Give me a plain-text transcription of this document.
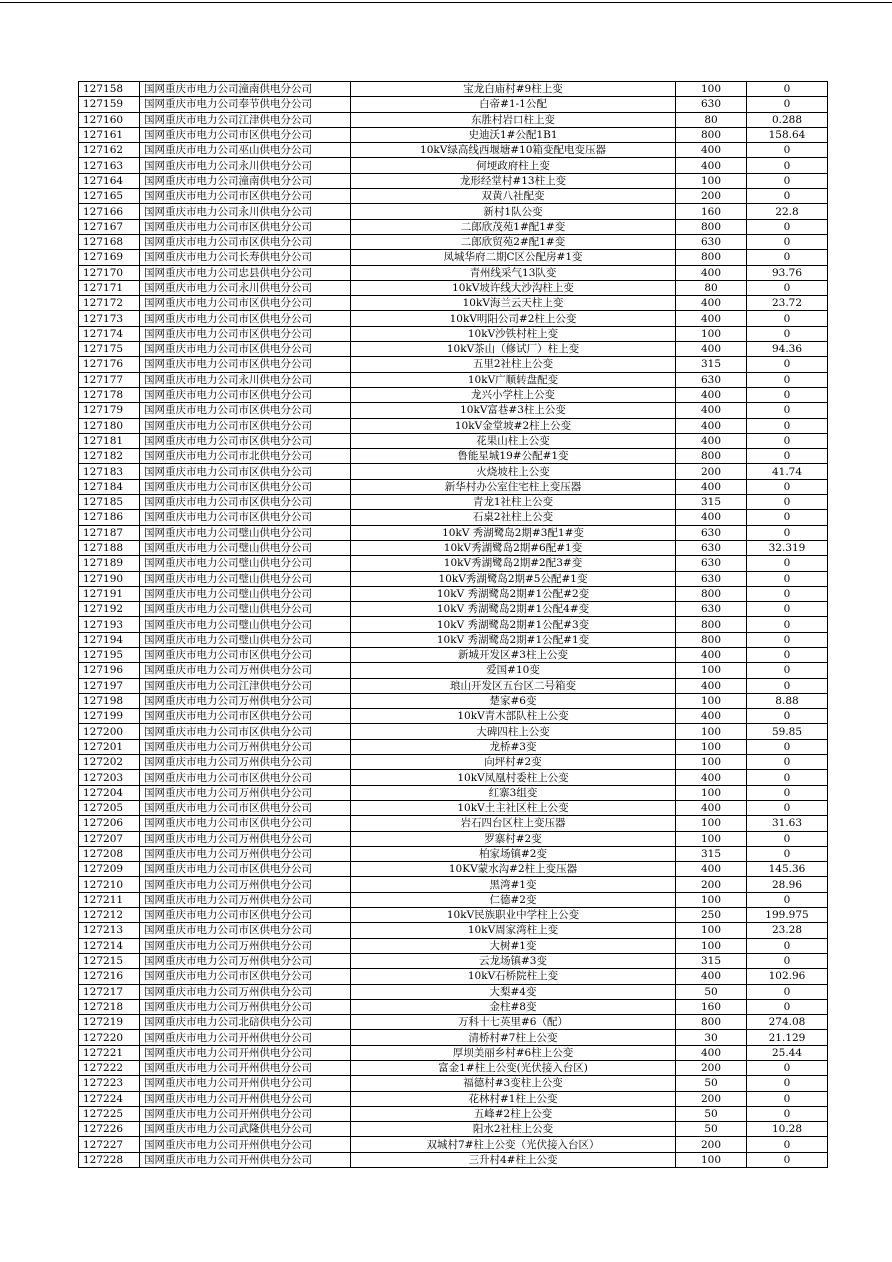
127158	国网重庆市电力公司潼南供电分公司	宝龙白庙村#9柱上变	100	0
127159	国网重庆市电力公司奉节供电分公司	白帝#1-1公配	630	0
127160	国网重庆市电力公司江津供电分公司	东胜村岩口柱上变	80	0.288
127161	国网重庆市电力公司市区供电分公司	史迪沃1#公配1B1	800	158.64
127162	国网重庆市电力公司巫山供电分公司	10kV绿高线西堰塘#10箱变配电变压器	400	0
127163	国网重庆市电力公司永川供电分公司	何埂政府柱上变	400	0
127164	国网重庆市电力公司潼南供电分公司	龙形经堂村#13柱上变	100	0
127165	国网重庆市电力公司市区供电分公司	双黄八社配变	200	0
127166	国网重庆市电力公司永川供电分公司	新村1队公变	160	22.8
127167	国网重庆市电力公司市区供电分公司	二郎欣茂苑1#配1#变	800	0
127168	国网重庆市电力公司市区供电分公司	二郎欣贸苑2#配1#变	630	0
127169	国网重庆市电力公司长寿供电分公司	凤城华府二期C区公配房#1变	800	0
127170	国网重庆市电力公司忠县供电分公司	青州线采气13队变	400	93.76
127171	国网重庆市电力公司永川供电分公司	10kV坡许线大沙沟柱上变	80	0
127172	国网重庆市电力公司市区供电分公司	10kV海兰云天柱上变	400	23.72
127173	国网重庆市电力公司市区供电分公司	10kV明阳公司#2柱上公变	400	0
127174	国网重庆市电力公司市区供电分公司	10kV沙铁村柱上变	100	0
127175	国网重庆市电力公司市区供电分公司	10kV茶山（修试厂）柱上变	400	94.36
127176	国网重庆市电力公司市区供电分公司	五里2社柱上公变	315	0
127177	国网重庆市电力公司永川供电分公司	10kV广顺转盘配变	630	0
127178	国网重庆市电力公司市区供电分公司	龙兴小学柱上公变	400	0
127179	国网重庆市电力公司市区供电分公司	10kV富巷#3柱上公变	400	0
127180	国网重庆市电力公司市区供电分公司	10kV金堂坡#2柱上公变	400	0
127181	国网重庆市电力公司市区供电分公司	花果山柱上公变	400	0
127182	国网重庆市电力公司市北供电分公司	鲁能星城19#公配#1变	800	0
127183	国网重庆市电力公司市区供电分公司	火烧坡柱上公变	200	41.74
127184	国网重庆市电力公司市区供电分公司	新华村办公室住宅柱上变压器	400	0
127185	国网重庆市电力公司市区供电分公司	青龙1社柱上公变	315	0
127186	国网重庆市电力公司市区供电分公司	石桌2社柱上公变	400	0
127187	国网重庆市电力公司璧山供电分公司	10kV 秀湖鹭岛2期#3配1#变	630	0
127188	国网重庆市电力公司璧山供电分公司	10kV秀湖鹭岛2期#6配#1变	630	32.319
127189	国网重庆市电力公司璧山供电分公司	10kV秀湖鹭岛2期#2配3#变	630	0
127190	国网重庆市电力公司璧山供电分公司	10kV秀湖鹭岛2期#5公配#1变	630	0
127191	国网重庆市电力公司璧山供电分公司	10kV 秀湖鹭岛2期#1公配#2变	800	0
127192	国网重庆市电力公司璧山供电分公司	10kV 秀湖鹭岛2期#1公配4#变	630	0
127193	国网重庆市电力公司璧山供电分公司	10kV 秀湖鹭岛2期#1公配#3变	800	0
127194	国网重庆市电力公司璧山供电分公司	10kV 秀湖鹭岛2期#1公配#1变	800	0
127195	国网重庆市电力公司市区供电分公司	新城开发区#3柱上公变	400	0
127196	国网重庆市电力公司万州供电分公司	爱国#10变	100	0
127197	国网重庆市电力公司江津供电分公司	琅山开发区五台区二号箱变	400	0
127198	国网重庆市电力公司万州供电分公司	楚家#6变	100	8.88
127199	国网重庆市电力公司市区供电分公司	10kV青木部队柱上公变	400	0
127200	国网重庆市电力公司市区供电分公司	大碑四柱上公变	100	59.85
127201	国网重庆市电力公司万州供电分公司	龙桥#3变	100	0
127202	国网重庆市电力公司万州供电分公司	向坪村#2变	100	0
127203	国网重庆市电力公司市区供电分公司	10kV凤凰村委柱上公变	400	0
127204	国网重庆市电力公司万州供电分公司	红寨3组变	100	0
127205	国网重庆市电力公司市区供电分公司	10kV土主社区柱上公变	400	0
127206	国网重庆市电力公司市区供电分公司	岩石四台区柱上变压器	100	31.63
127207	国网重庆市电力公司万州供电分公司	罗寨村#2变	100	0
127208	国网重庆市电力公司万州供电分公司	柏家场镇#2变	315	0
127209	国网重庆市电力公司市区供电分公司	10KV蒙水沟#2柱上变压器	400	145.36
127210	国网重庆市电力公司万州供电分公司	黑湾#1变	200	28.96
127211	国网重庆市电力公司万州供电分公司	仁德#2变	100	0
127212	国网重庆市电力公司市区供电分公司	10kV民族职业中学柱上公变	250	199.975
127213	国网重庆市电力公司市区供电分公司	10kV周家湾柱上变	100	23.28
127214	国网重庆市电力公司万州供电分公司	大树#1变	100	0
127215	国网重庆市电力公司万州供电分公司	云龙场镇#3变	315	0
127216	国网重庆市电力公司市区供电分公司	10kV石桥院柱上变	400	102.96
127217	国网重庆市电力公司万州供电分公司	大梨#4变	50	0
127218	国网重庆市电力公司万州供电分公司	金柱#8变	160	0
127219	国网重庆市电力公司北碚供电分公司	万科十七英里#6（配）	800	274.08
127220	国网重庆市电力公司开州供电分公司	清桥村#7柱上公变	30	21.129
127221	国网重庆市电力公司开州供电分公司	厚坝美丽乡村#6柱上公变	400	25.44
127222	国网重庆市电力公司开州供电分公司	富金1#柱上公变(光伏接入台区)	200	0
127223	国网重庆市电力公司开州供电分公司	福德村#3变柱上公变	50	0
127224	国网重庆市电力公司开州供电分公司	花林村#1柱上公变	200	0
127225	国网重庆市电力公司开州供电分公司	五峰#2柱上公变	50	0
127226	国网重庆市电力公司武隆供电分公司	阳水2社柱上公变	50	10.28
127227	国网重庆市电力公司开州供电分公司	双城村7#柱上公变（光伏接入台区）	200	0
127228	国网重庆市电力公司开州供电分公司	三升村4#柱上公变	100	0
